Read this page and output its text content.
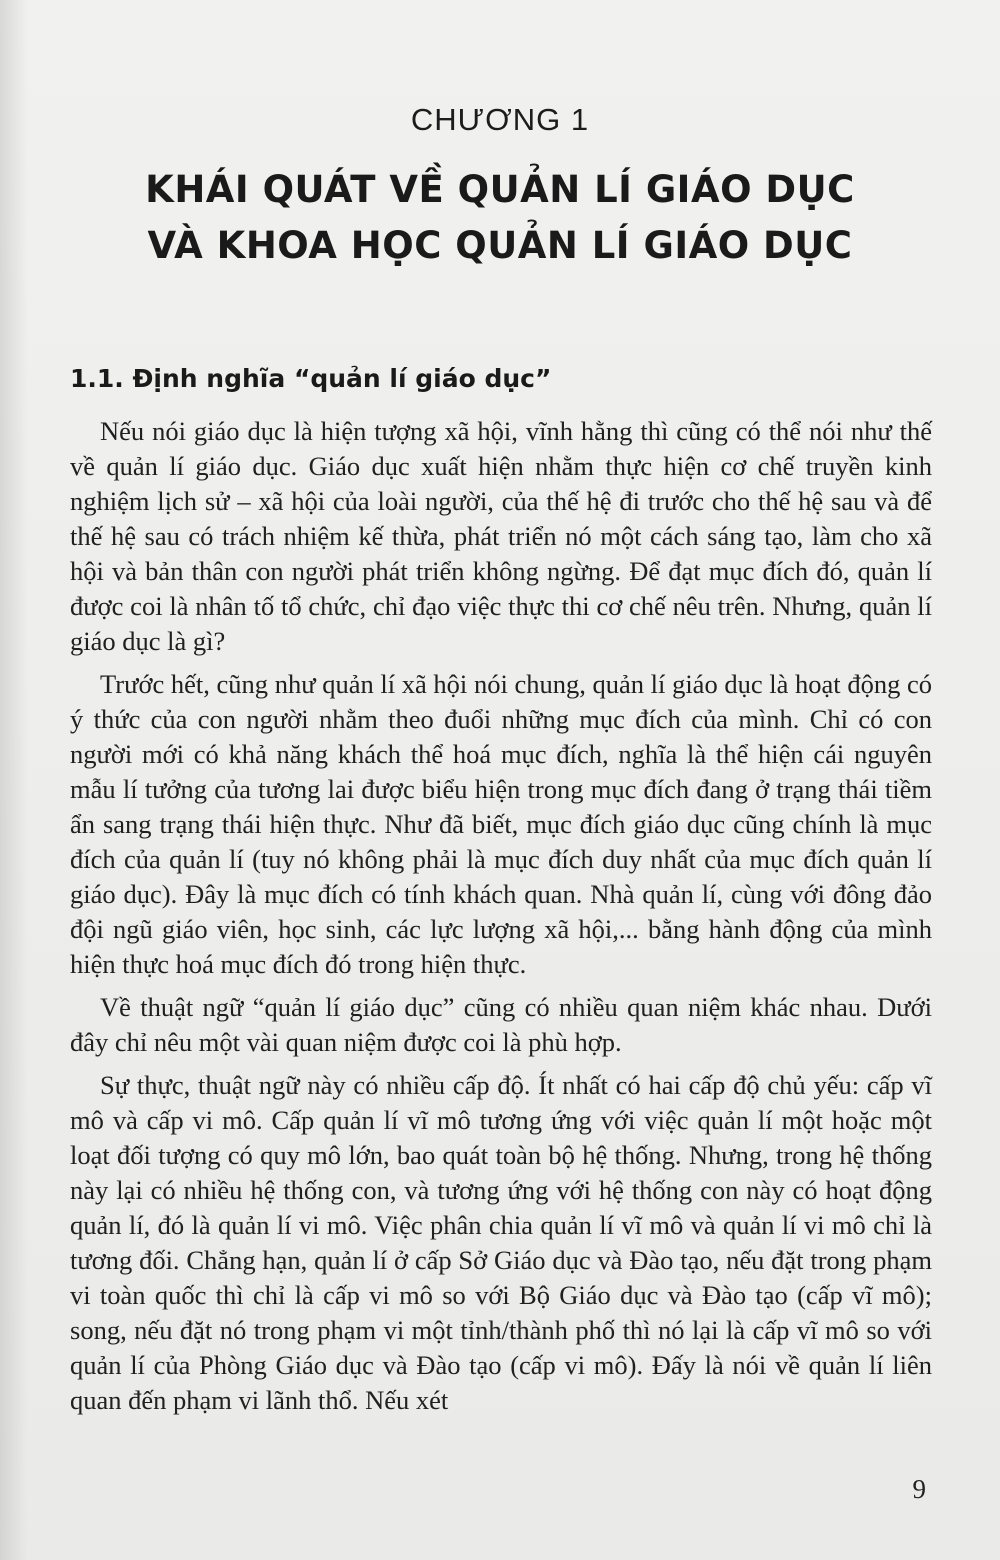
CHƯƠNG 1
KHÁI QUÁT VỀ QUẢN LÍ GIÁO DỤC
VÀ KHOA HỌC QUẢN LÍ GIÁO DỤC
1.1. Định nghĩa “quản lí giáo dục”

Nếu nói giáo dục là hiện tượng xã hội, vĩnh hằng thì cũng có thể nói như thế về quản lí giáo dục. Giáo dục xuất hiện nhằm thực hiện cơ chế truyền kinh nghiệm lịch sử – xã hội của loài người, của thế hệ đi trước cho thế hệ sau và để thế hệ sau có trách nhiệm kế thừa, phát triển nó một cách sáng tạo, làm cho xã hội và bản thân con người phát triển không ngừng. Để đạt mục đích đó, quản lí được coi là nhân tố tổ chức, chỉ đạo việc thực thi cơ chế nêu trên. Nhưng, quản lí giáo dục là gì?

Trước hết, cũng như quản lí xã hội nói chung, quản lí giáo dục là hoạt động có ý thức của con người nhằm theo đuổi những mục đích của mình. Chỉ có con người mới có khả năng khách thể hoá mục đích, nghĩa là thể hiện cái nguyên mẫu lí tưởng của tương lai được biểu hiện trong mục đích đang ở trạng thái tiềm ẩn sang trạng thái hiện thực. Như đã biết, mục đích giáo dục cũng chính là mục đích của quản lí (tuy nó không phải là mục đích duy nhất của mục đích quản lí giáo dục). Đây là mục đích có tính khách quan. Nhà quản lí, cùng với đông đảo đội ngũ giáo viên, học sinh, các lực lượng xã hội,... bằng hành động của mình hiện thực hoá mục đích đó trong hiện thực.

Về thuật ngữ “quản lí giáo dục” cũng có nhiều quan niệm khác nhau. Dưới đây chỉ nêu một vài quan niệm được coi là phù hợp.

Sự thực, thuật ngữ này có nhiều cấp độ. Ít nhất có hai cấp độ chủ yếu: cấp vĩ mô và cấp vi mô. Cấp quản lí vĩ mô tương ứng với việc quản lí một hoặc một loạt đối tượng có quy mô lớn, bao quát toàn bộ hệ thống. Nhưng, trong hệ thống này lại có nhiều hệ thống con, và tương ứng với hệ thống con này có hoạt động quản lí, đó là quản lí vi mô. Việc phân chia quản lí vĩ mô và quản lí vi mô chỉ là tương đối. Chẳng hạn, quản lí ở cấp Sở Giáo dục và Đào tạo, nếu đặt trong phạm vi toàn quốc thì chỉ là cấp vi mô so với Bộ Giáo dục và Đào tạo (cấp vĩ mô); song, nếu đặt nó trong phạm vi một tỉnh/thành phố thì nó lại là cấp vĩ mô so với quản lí của Phòng Giáo dục và Đào tạo (cấp vi mô). Đấy là nói về quản lí liên quan đến phạm vi lãnh thổ. Nếu xét

9
